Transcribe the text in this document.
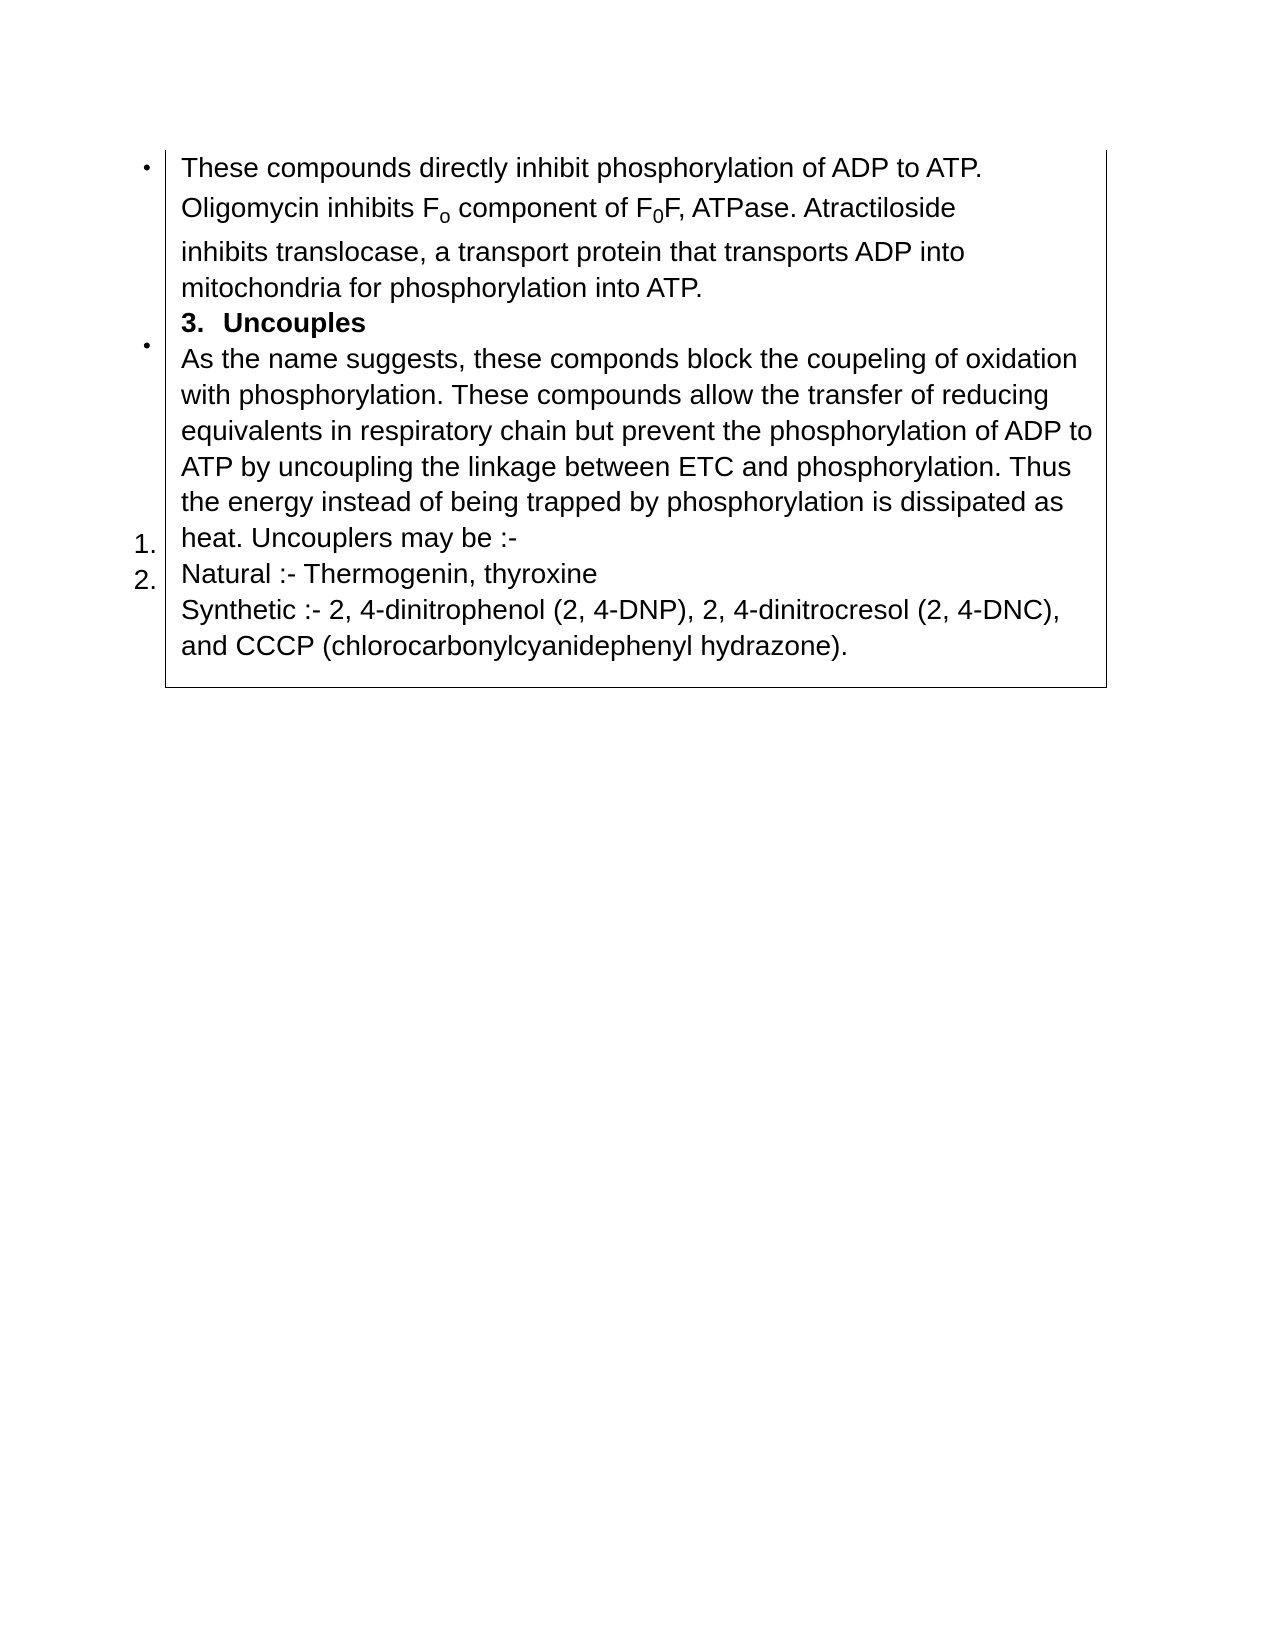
•
•
1.
2.

These compounds directly inhibit phosphorylation of ADP to ATP.
Oligomycin inhibits $F_o$ component of $F_0F$, ATPase. Atractiloside

inhibits translocase, a transport protein that transports ADP into mitochondria for phosphorylation into ATP.

3. Uncouples

As the name suggests, these componds block the coupeling of oxidation with phosphorylation. These compounds allow the transfer of reducing equivalents in respiratory chain but prevent the phosphorylation of ADP to ATP by uncoupling the linkage between ETC and phosphorylation. Thus the energy instead of being trapped by phosphorylation is dissipated as heat. Uncouplers may be :-

Natural :- Thermogenin, thyroxine

Synthetic :- 2, 4-dinitrophenol (2, 4-DNP), 2, 4-dinitrocresol (2, 4-DNC), and CCCP (chlorocarbonylcyanidephenyl hydrazone).
